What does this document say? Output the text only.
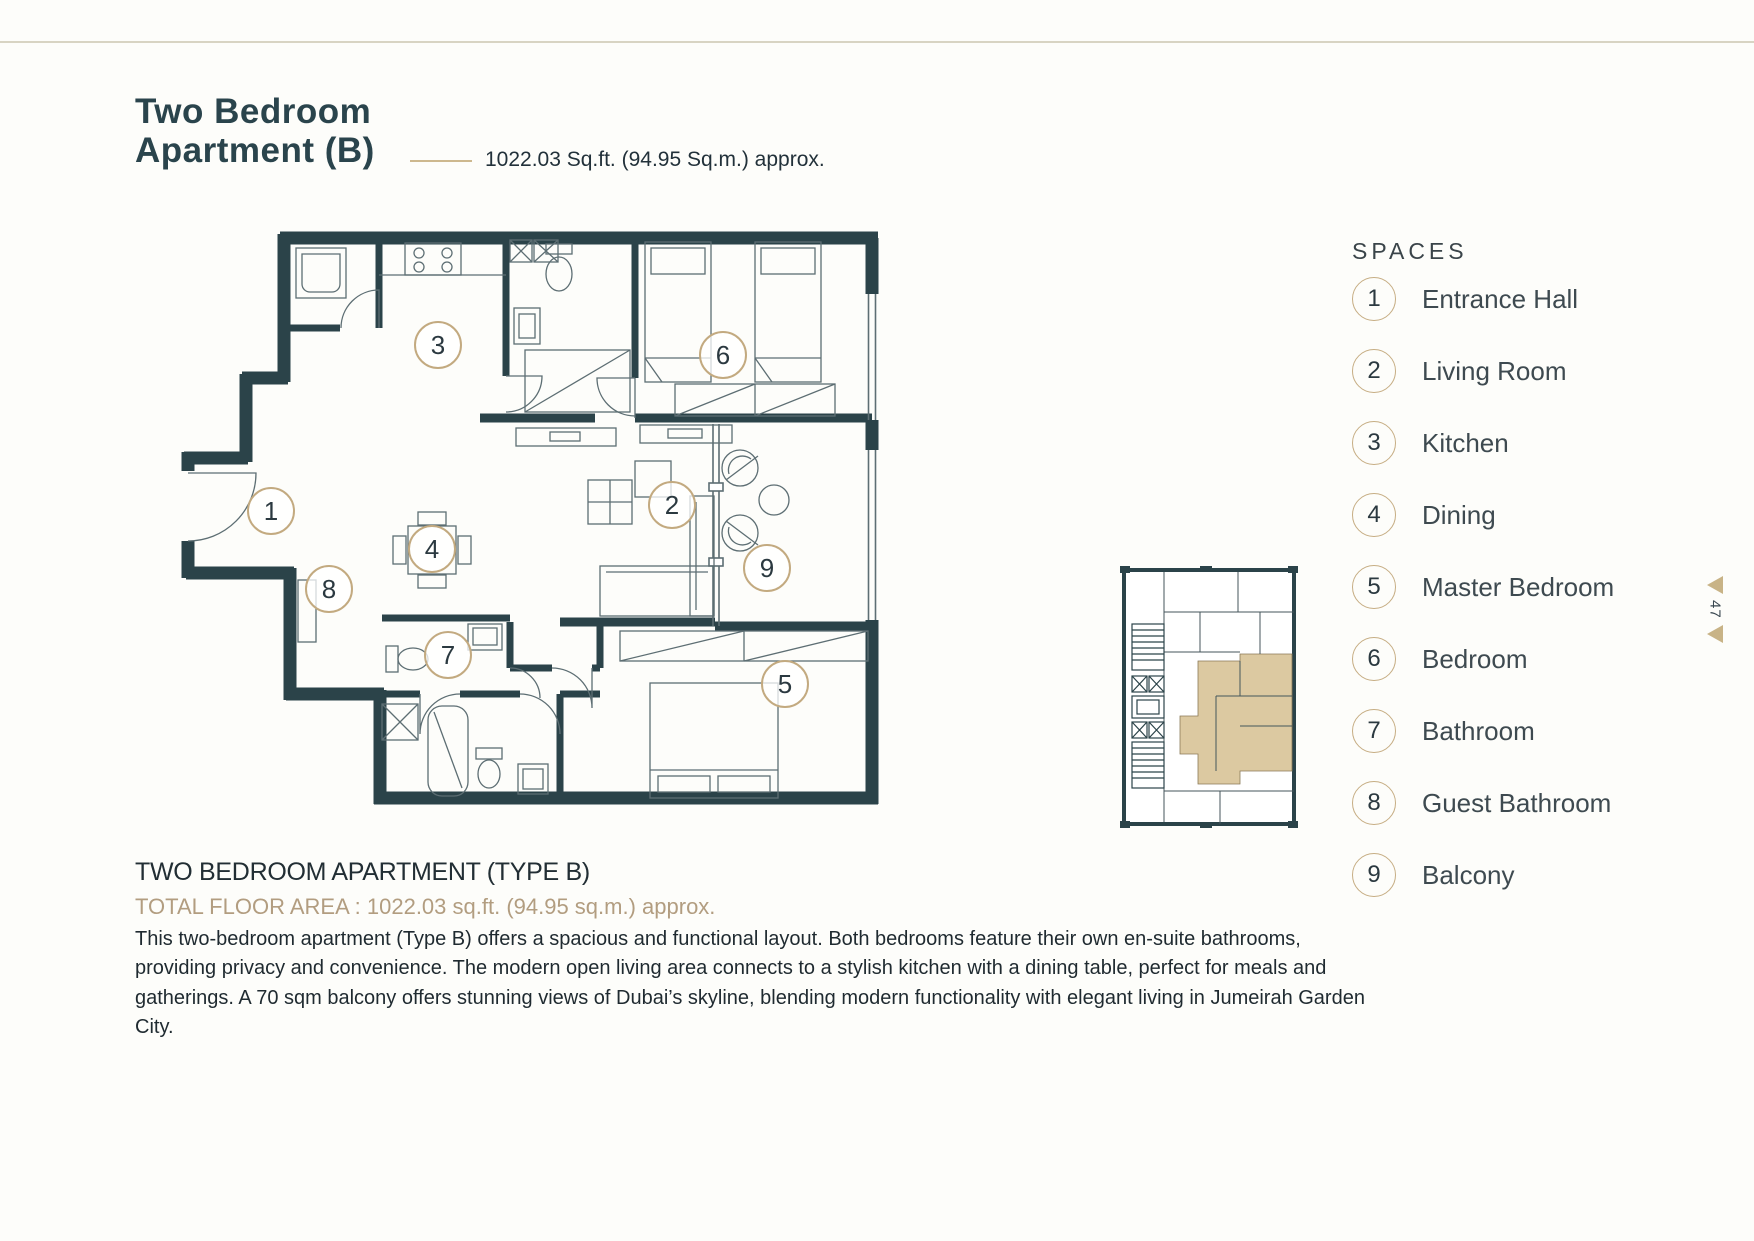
Two Bedroom
Apartment (B)	1022.03 Sq.ft. (94.95 Sq.m.) approx.
1	2
3
4
5
6
7
8
9
SPACES
1	Entrance Hall
2	Living Room
3	Kitchen
4	Dining
5	Master Bedroom
6	Bedroom
7	Bathroom
8	Guest Bathroom
9	Balcony
47
TWO BEDROOM APARTMENT (TYPE B)
TOTAL FLOOR AREA : 1022.03 sq.ft. (94.95 sq.m.) approx.
This two-bedroom apartment (Type B) offers a spacious and functional layout. Both bedrooms feature their own en-suite bathrooms, providing privacy and convenience. The modern open living area connects to a stylish kitchen with a dining table, perfect for meals and gatherings. A 70 sqm balcony offers stunning views of Dubai’s skyline, blending modern functionality with elegant living in Jumeirah Garden City.
